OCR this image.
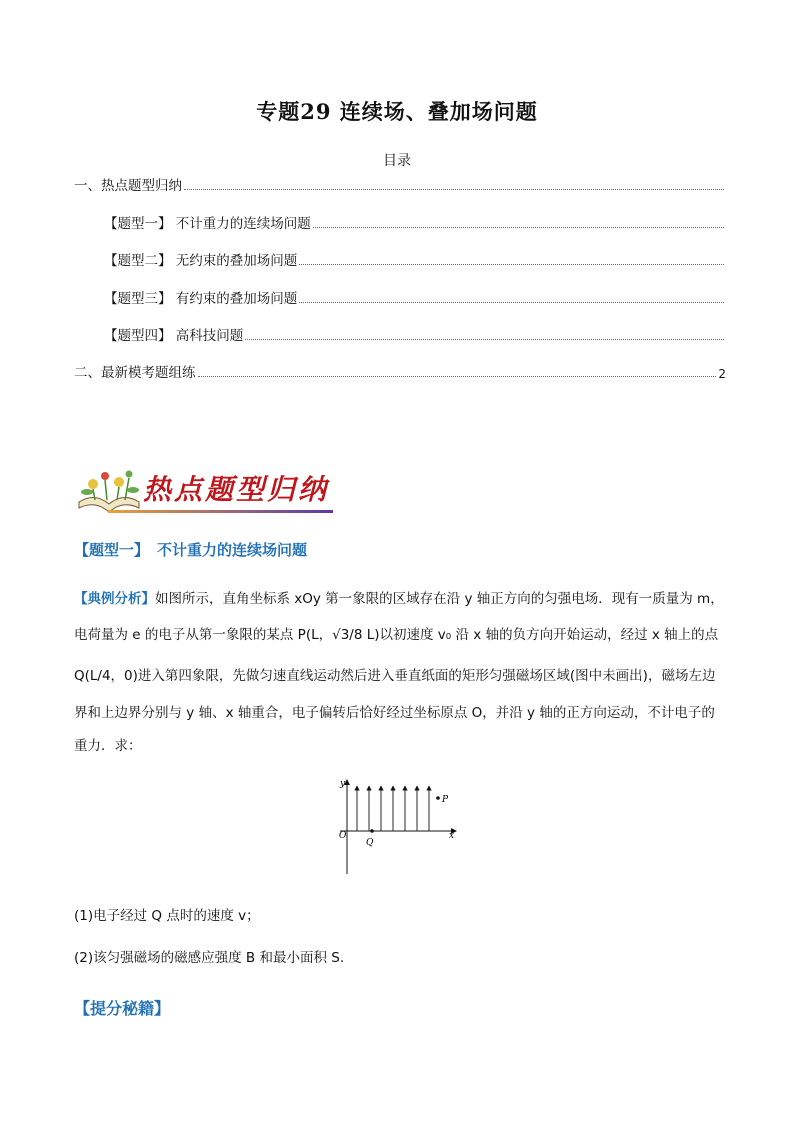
专题29 连续场、叠加场问题
目录
一、热点题型归纳
【题型一】 不计重力的连续场问题
【题型二】 无约束的叠加场问题
【题型三】 有约束的叠加场问题
【题型四】 高科技问题
二、最新模考题组练	2
热点题型归纳
【题型一】 不计重力的连续场问题
【典例分析】如图所示，直角坐标系 xOy 第一象限的区域存在沿 y 轴正方向的匀强电场．现有一质量为 m，
电荷量为 e 的电子从第一象限的某点 P(L，√3/8 L)以初速度 v₀ 沿 x 轴的负方向开始运动，经过 x 轴上的点
Q(L/4，0)进入第四象限，先做匀速直线运动然后进入垂直纸面的矩形匀强磁场区域(图中未画出)，磁场左边
界和上边界分别与 y 轴、x 轴重合，电子偏转后恰好经过坐标原点 O，并沿 y 轴的正方向运动，不计电子的
重力．求：
y
x
O
Q
P
(1)电子经过 Q 点时的速度 v；
(2)该匀强磁场的磁感应强度 B 和最小面积 S.
【提分秘籍】
